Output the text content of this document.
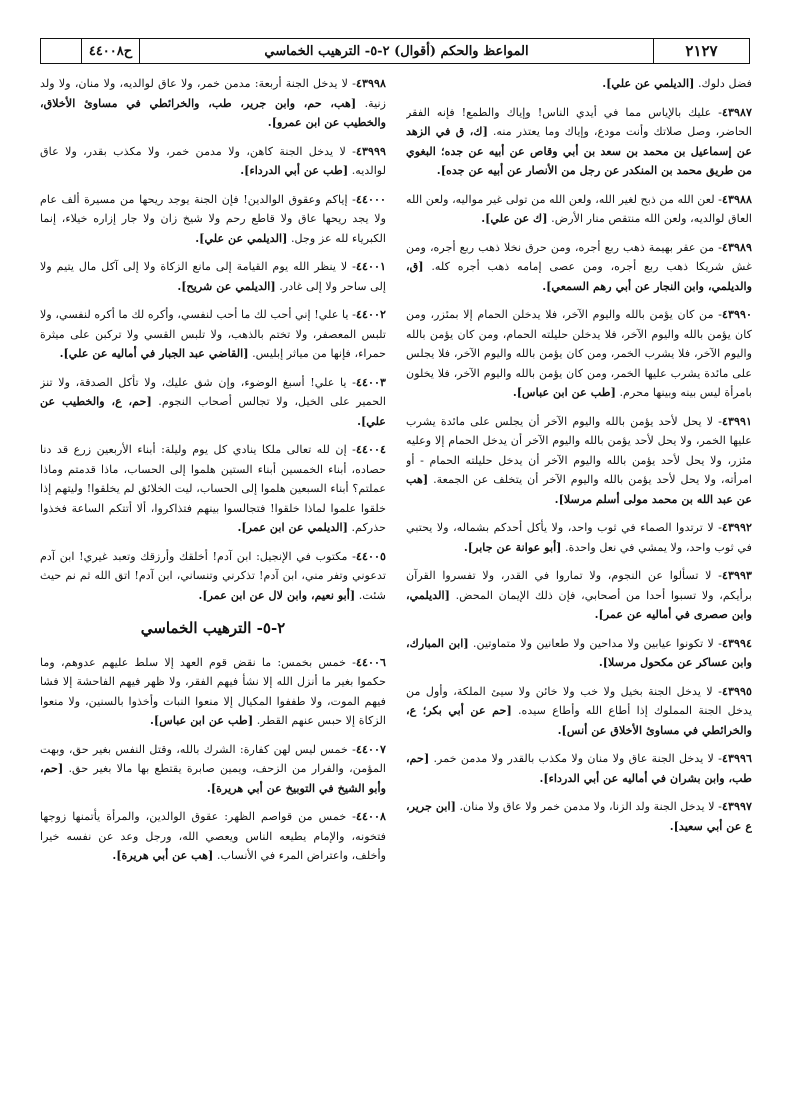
٢١٢٧
المواعظ والحكم (أقوال) ٢-٥- الترهيب الخماسي
ح٤٤٠٠٨

فضل دلوك. [الديلمي عن علي].

٤٣٩٨٧- عليك بالإياس مما في أيدي الناس! وإياك والطمع! فإنه الفقر الحاضر، وصل صلاتك وأنت مودع، وإياك وما يعتذر منه. [ك، ق في الزهد عن إسماعيل بن محمد بن سعد بن أبي وقاص عن أبيه عن جده؛ البغوي من طريق محمد بن المنكدر عن رجل من الأنصار عن أبيه عن جده].

٤٣٩٨٨- لعن الله من ذبح لغير الله، ولعن الله من تولى غير مواليه، ولعن الله العاق لوالديه، ولعن الله منتقص منار الأرض. [ك عن علي].

٤٣٩٨٩- من عقر بهيمة ذهب ربع أجره، ومن حرق نخلا ذهب ربع أجره، ومن غش شريكا ذهب ربع أجره، ومن عصى إمامه ذهب أجره كله. [ق، والديلمي، وابن النجار عن أبي رهم السمعي].

٤٣٩٩٠- من كان يؤمن بالله واليوم الآخر، فلا يدخلن الحمام إلا بمئزر، ومن كان يؤمن بالله واليوم الآخر، فلا يدخلن حليلته الحمام، ومن كان يؤمن بالله واليوم الآخر، فلا يشرب الخمر، ومن كان يؤمن بالله واليوم الآخر، فلا يجلس على مائدة يشرب عليها الخمر، ومن كان يؤمن بالله واليوم الآخر، فلا يخلون بامرأة ليس بينه وبينها محرم. [طب عن ابن عباس].

٤٣٩٩١- لا يحل لأحد يؤمن بالله واليوم الآخر أن يجلس على مائدة يشرب عليها الخمر، ولا يحل لأحد يؤمن بالله واليوم الآخر أن يدخل الحمام إلا وعليه مئزر، ولا يحل لأحد يؤمن بالله واليوم الآخر أن يدخل حليلته الحمام - أو امرأته، ولا يحل لأحد يؤمن بالله واليوم الآخر أن يتخلف عن الجمعة. [هب عن عبد الله بن محمد مولى أسلم مرسلا].

٤٣٩٩٢- لا ترتدوا الصماء في ثوب واحد، ولا يأكل أحدكم بشماله، ولا يحتبي في ثوب واحد، ولا يمشي في نعل واحدة. [أبو عوانة عن جابر].

٤٣٩٩٣- لا تسألوا عن النجوم، ولا تماروا في القدر، ولا تفسروا القرآن برأيكم، ولا تسبوا أحدا من أصحابي، فإن ذلك الإيمان المحض. [الديلمي، وابن صصرى في أماليه عن عمر].

٤٣٩٩٤- لا تكونوا عيابين ولا مداحين ولا طعانين ولا متماوتين. [ابن المبارك، وابن عساكر عن مكحول مرسلا].

٤٣٩٩٥- لا يدخل الجنة بخيل ولا خب ولا خائن ولا سيئ الملكة، وأول من يدخل الجنة المملوك إذا أطاع الله وأطاع سيده. [حم عن أبي بكر؛ ع، والخرائطي في مساوئ الأخلاق عن أنس].

٤٣٩٩٦- لا يدخل الجنة عاق ولا منان ولا مكذب بالقدر ولا مدمن خمر. [حم، طب، وابن بشران في أماليه عن أبي الدرداء].

٤٣٩٩٧- لا يدخل الجنة ولد الزنا، ولا مدمن خمر ولا عاق ولا منان. [ابن جرير، ع عن أبي سعيد].

٤٣٩٩٨- لا يدخل الجنة أربعة: مدمن خمر، ولا عاق لوالديه، ولا منان، ولا ولد زنية. [هب، حم، وابن جرير، طب، والخرائطي في مساوئ الأخلاق، والخطيب عن ابن عمرو].

٤٣٩٩٩- لا يدخل الجنة كاهن، ولا مدمن خمر، ولا مكذب بقدر، ولا عاق لوالديه. [طب عن أبي الدرداء].

٤٤٠٠٠- إياكم وعقوق الوالدين! فإن الجنة يوجد ريحها من مسيرة ألف عام ولا يجد ريحها عاق ولا قاطع رحم ولا شيخ زان ولا جار إزاره خيلاء، إنما الكبرياء لله عز وجل. [الديلمي عن علي].

٤٤٠٠١- لا ينظر الله يوم القيامة إلى مانع الزكاة ولا إلى آكل مال يتيم ولا إلى ساحر ولا إلى غادر. [الديلمي عن شريح].

٤٤٠٠٢- يا علي! إني أحب لك ما أحب لنفسي، وأكره لك ما أكره لنفسي، ولا تلبس المعصفر، ولا تختم بالذهب، ولا تلبس القسي ولا تركبن على ميثرة حمراء، فإنها من مياثر إبليس. [القاضي عبد الجبار في أماليه عن علي].

٤٤٠٠٣- يا علي! أسبغ الوضوء، وإن شق عليك، ولا تأكل الصدقة، ولا تنز الحمير على الخيل، ولا تجالس أصحاب النجوم. [حم، ع، والخطيب عن علي].

٤٤٠٠٤- إن لله تعالى ملكا ينادي كل يوم وليلة: أبناء الأربعين زرع قد دنا حصاده، أبناء الخمسين أبناء الستين هلموا إلى الحساب، ماذا قدمتم وماذا عملتم؟ أبناء السبعين هلموا إلى الحساب، ليت الخلائق لم يخلقوا! وليتهم إذا خلقوا علموا لماذا خلقوا! فتجالسوا بينهم فتذاكروا، ألا أتتكم الساعة فخذوا حذركم. [الديلمي عن ابن عمر].

٤٤٠٠٥- مكتوب في الإنجيل: ابن آدم! أخلقك وأرزقك وتعبد غيري! ابن آدم تدعوني وتفر مني، ابن آدم! تذكرني وتنساني، ابن آدم! اتق الله ثم نم حيث شئت. [أبو نعيم، وابن لال عن ابن عمر].

٢-٥- الترهيب الخماسي

٤٤٠٠٦- خمس بخمس: ما نقض قوم العهد إلا سلط عليهم عدوهم، وما حكموا بغير ما أنزل الله إلا نشأ فيهم الفقر، ولا ظهر فيهم الفاحشة إلا فشا فيهم الموت، ولا طففوا المكيال إلا منعوا النبات وأخذوا بالسنين، ولا منعوا الزكاة إلا حبس عنهم القطر. [طب عن ابن عباس].

٤٤٠٠٧- خمس ليس لهن كفارة: الشرك بالله، وقتل النفس بغير حق، وبهت المؤمن، والفرار من الزحف، ويمين صابرة يقتطع بها مالا بغير حق. [حم، وأبو الشيخ في التوبيخ عن أبي هريرة].

٤٤٠٠٨- خمس من قواصم الظهر: عقوق الوالدين، والمرأة يأتمنها زوجها فتخونه، والإمام يطيعه الناس ويعصي الله، ورجل وعد عن نفسه خيرا وأخلف، واعتراض المرء في الأنساب. [هب عن أبي هريرة].
